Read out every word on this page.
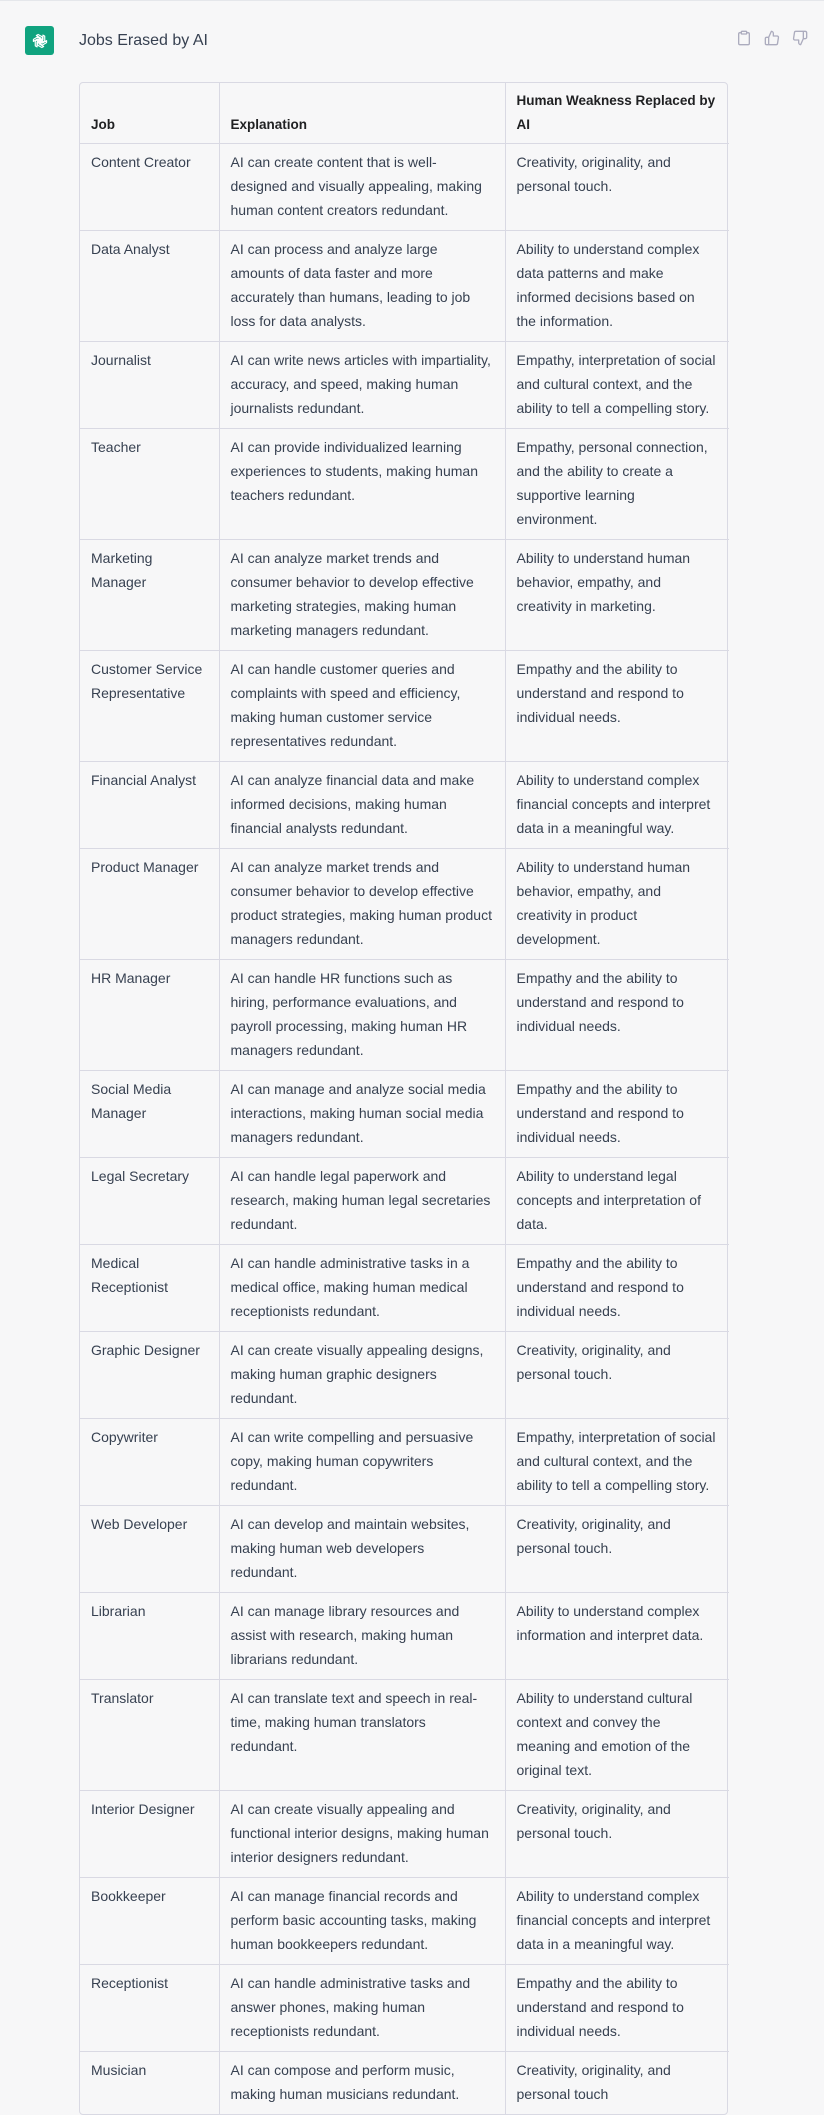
Jobs Erased by AI
Job	Explanation	Human Weakness Replaced by AI
Content Creator	AI can create content that is well-designed and visually appealing, making human content creators redundant.	Creativity, originality, and personal touch.
Data Analyst	AI can process and analyze large amounts of data faster and more accurately than humans, leading to job loss for data analysts.	Ability to understand complex data patterns and make informed decisions based on the information.
Journalist	AI can write news articles with impartiality, accuracy, and speed, making human journalists redundant.	Empathy, interpretation of social and cultural context, and the ability to tell a compelling story.
Teacher	AI can provide individualized learning experiences to students, making human teachers redundant.	Empathy, personal connection, and the ability to create a supportive learning environment.
Marketing Manager	AI can analyze market trends and consumer behavior to develop effective marketing strategies, making human marketing managers redundant.	Ability to understand human behavior, empathy, and creativity in marketing.
Customer Service Representative	AI can handle customer queries and complaints with speed and efficiency, making human customer service representatives redundant.	Empathy and the ability to understand and respond to individual needs.
Financial Analyst	AI can analyze financial data and make informed decisions, making human financial analysts redundant.	Ability to understand complex financial concepts and interpret data in a meaningful way.
Product Manager	AI can analyze market trends and consumer behavior to develop effective product strategies, making human product managers redundant.	Ability to understand human behavior, empathy, and creativity in product development.
HR Manager	AI can handle HR functions such as hiring, performance evaluations, and payroll processing, making human HR managers redundant.	Empathy and the ability to understand and respond to individual needs.
Social Media Manager	AI can manage and analyze social media interactions, making human social media managers redundant.	Empathy and the ability to understand and respond to individual needs.
Legal Secretary	AI can handle legal paperwork and research, making human legal secretaries redundant.	Ability to understand legal concepts and interpretation of data.
Medical Receptionist	AI can handle administrative tasks in a medical office, making human medical receptionists redundant.	Empathy and the ability to understand and respond to individual needs.
Graphic Designer	AI can create visually appealing designs, making human graphic designers redundant.	Creativity, originality, and personal touch.
Copywriter	AI can write compelling and persuasive copy, making human copywriters redundant.	Empathy, interpretation of social and cultural context, and the ability to tell a compelling story.
Web Developer	AI can develop and maintain websites, making human web developers redundant.	Creativity, originality, and personal touch.
Librarian	AI can manage library resources and assist with research, making human librarians redundant.	Ability to understand complex information and interpret data.
Translator	AI can translate text and speech in real-time, making human translators redundant.	Ability to understand cultural context and convey the meaning and emotion of the original text.
Interior Designer	AI can create visually appealing and functional interior designs, making human interior designers redundant.	Creativity, originality, and personal touch.
Bookkeeper	AI can manage financial records and perform basic accounting tasks, making human bookkeepers redundant.	Ability to understand complex financial concepts and interpret data in a meaningful way.
Receptionist	AI can handle administrative tasks and answer phones, making human receptionists redundant.	Empathy and the ability to understand and respond to individual needs.
Musician	AI can compose and perform music, making human musicians redundant.	Creativity, originality, and personal touch
